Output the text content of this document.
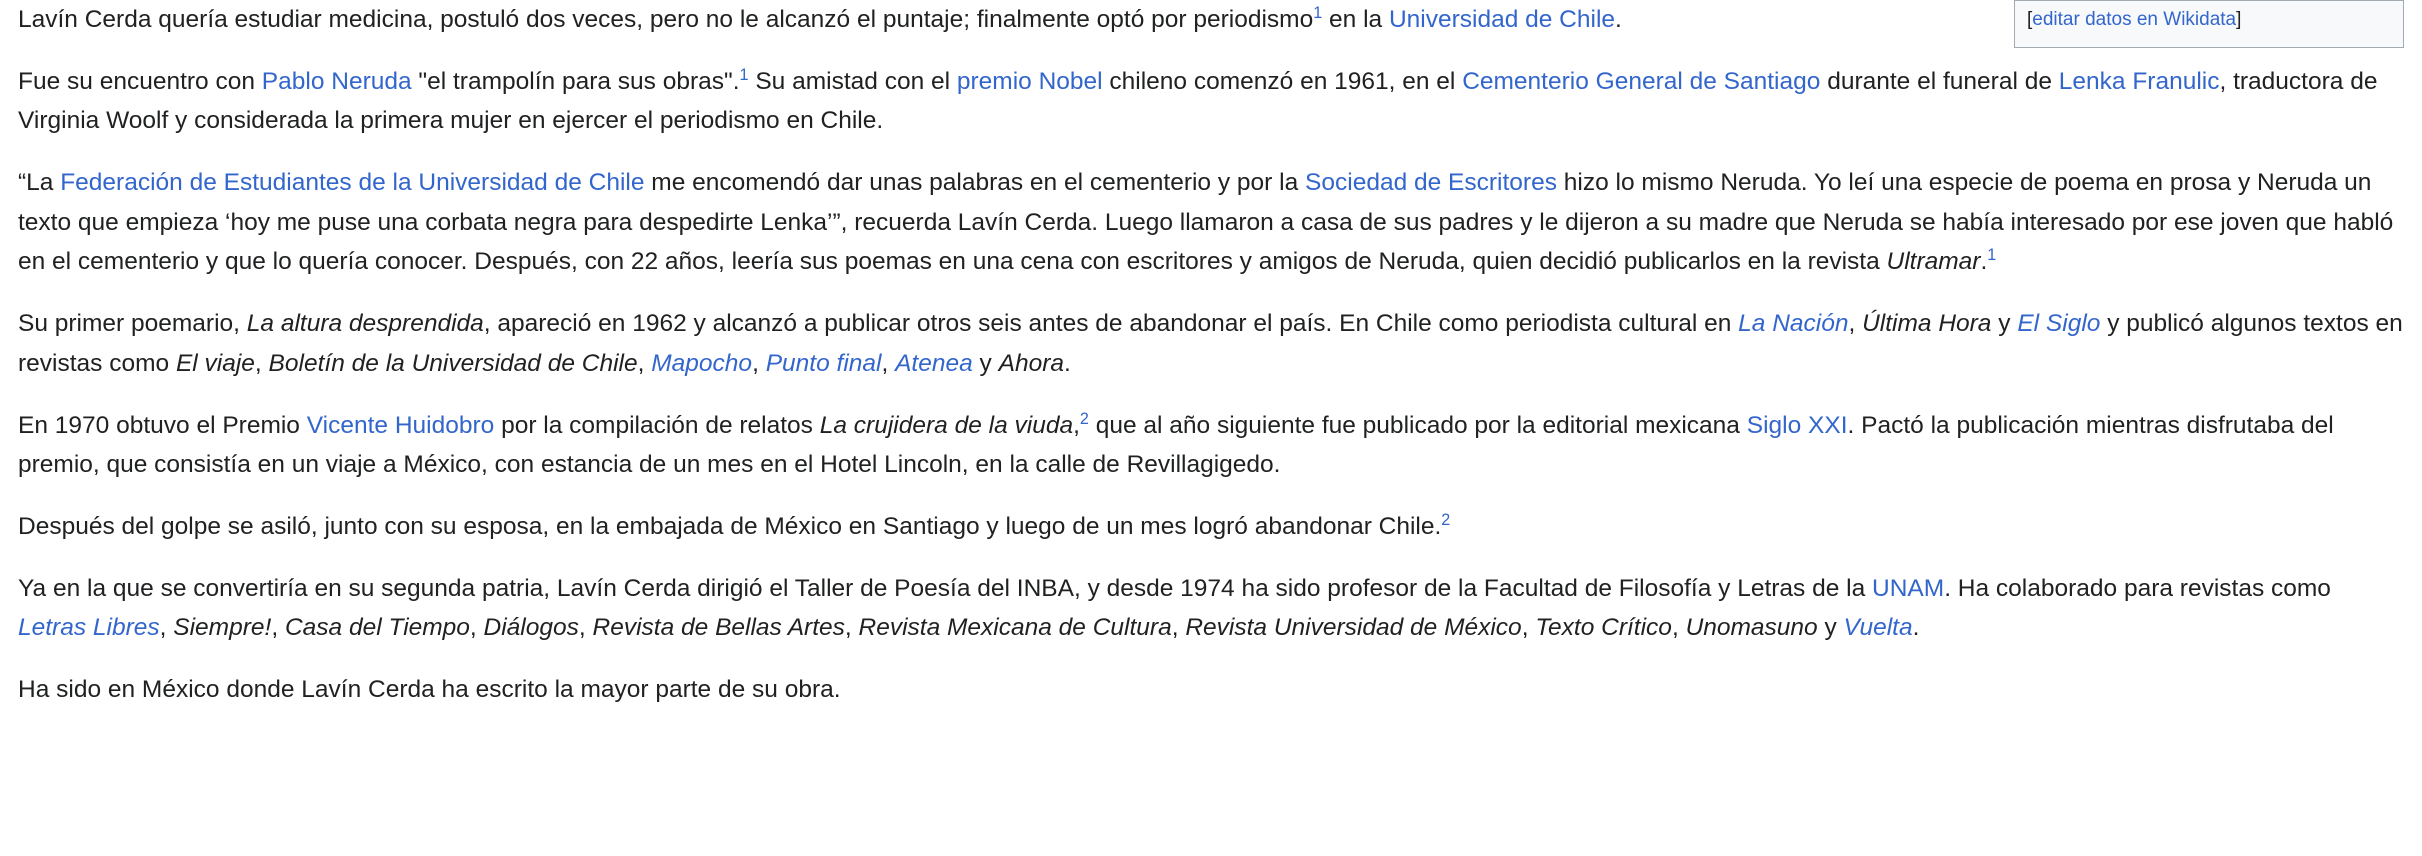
[editar datos en Wikidata]

Lavín Cerda quería estudiar medicina, postuló dos veces, pero no le alcanzó el puntaje; finalmente optó por periodismo$^1$ en la Universidad de Chile.

Fue su encuentro con Pablo Neruda "el trampolín para sus obras".$^1$ Su amistad con el premio Nobel chileno comenzó en 1961, en el Cementerio General de Santiago durante el funeral de Lenka Franulic, traductora de Virginia Woolf y considerada la primera mujer en ejercer el periodismo en Chile.

“La Federación de Estudiantes de la Universidad de Chile me encomendó dar unas palabras en el cementerio y por la Sociedad de Escritores hizo lo mismo Neruda. Yo leí una especie de poema en prosa y Neruda un texto que empieza ‘hoy me puse una corbata negra para despedirte Lenka’”, recuerda Lavín Cerda. Luego llamaron a casa de sus padres y le dijeron a su madre que Neruda se había interesado por ese joven que habló en el cementerio y que lo quería conocer. Después, con 22 años, leería sus poemas en una cena con escritores y amigos de Neruda, quien decidió publicarlos en la revista Ultramar.$^1$

Su primer poemario, La altura desprendida, apareció en 1962 y alcanzó a publicar otros seis antes de abandonar el país. En Chile como periodista cultural en La Nación, Última Hora y El Siglo y publicó algunos textos en revistas como El viaje, Boletín de la Universidad de Chile, Mapocho, Punto final, Atenea y Ahora.

En 1970 obtuvo el Premio Vicente Huidobro por la compilación de relatos La crujidera de la viuda,$^2$ que al año siguiente fue publicado por la editorial mexicana Siglo XXI. Pactó la publicación mientras disfrutaba del premio, que consistía en un viaje a México, con estancia de un mes en el Hotel Lincoln, en la calle de Revillagigedo.

Después del golpe se asiló, junto con su esposa, en la embajada de México en Santiago y luego de un mes logró abandonar Chile.$^2$

Ya en la que se convertiría en su segunda patria, Lavín Cerda dirigió el Taller de Poesía del INBA, y desde 1974 ha sido profesor de la Facultad de Filosofía y Letras de la UNAM. Ha colaborado para revistas como Letras Libres, Siempre!, Casa del Tiempo, Diálogos, Revista de Bellas Artes, Revista Mexicana de Cultura, Revista Universidad de México, Texto Crítico, Unomasuno y Vuelta.

Ha sido en México donde Lavín Cerda ha escrito la mayor parte de su obra.
